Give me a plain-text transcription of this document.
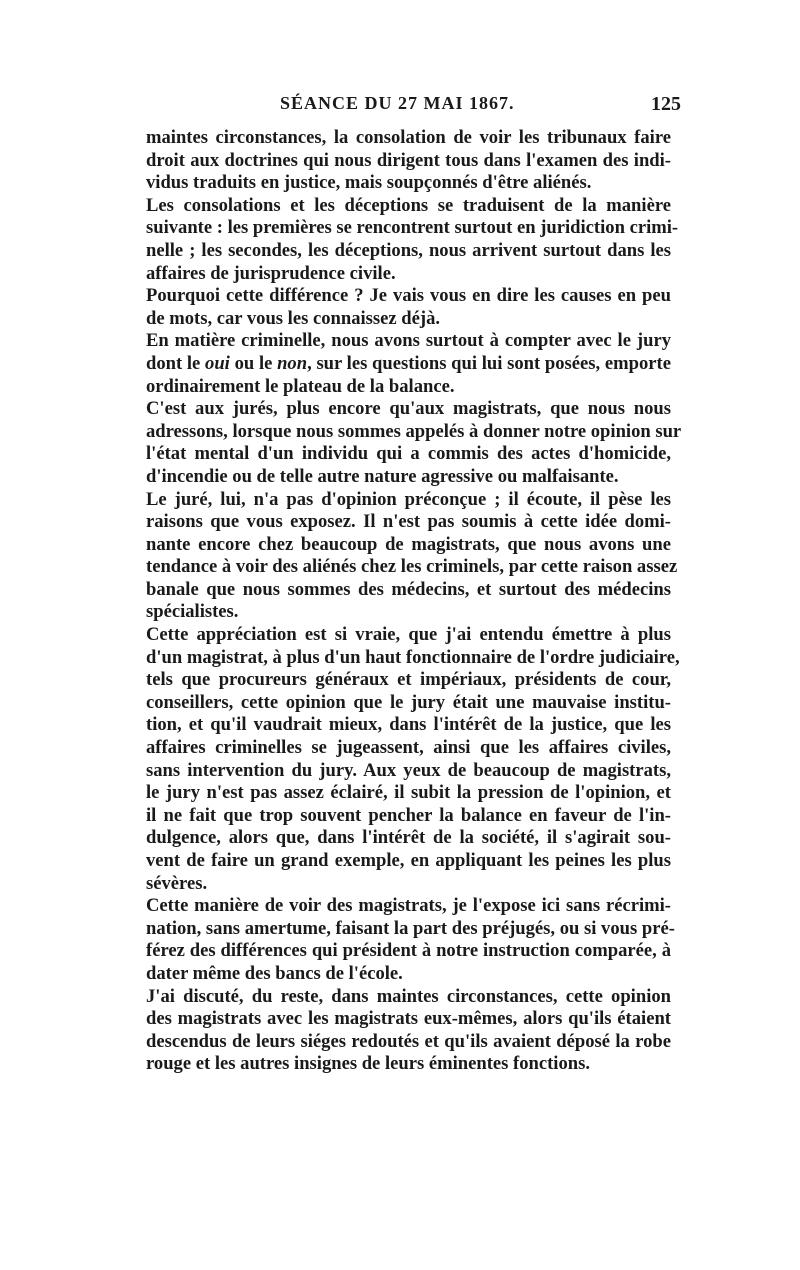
SÉANCE DU 27 MAI 1867.	125
maintes circonstances, la consolation de voir les tribunaux faire
droit aux doctrines qui nous dirigent tous dans l'examen des indi-
vidus traduits en justice, mais soupçonnés d'être aliénés.
Les consolations et les déceptions se traduisent de la manière
suivante : les premières se rencontrent surtout en juridiction crimi-
nelle ; les secondes, les déceptions, nous arrivent surtout dans les
affaires de jurisprudence civile.
Pourquoi cette différence ? Je vais vous en dire les causes en peu
de mots, car vous les connaissez déjà.
En matière criminelle, nous avons surtout à compter avec le jury
dont le oui ou le non, sur les questions qui lui sont posées, emporte
ordinairement le plateau de la balance.
C'est aux jurés, plus encore qu'aux magistrats, que nous nous
adressons, lorsque nous sommes appelés à donner notre opinion sur
l'état mental d'un individu qui a commis des actes d'homicide,
d'incendie ou de telle autre nature agressive ou malfaisante.
Le juré, lui, n'a pas d'opinion préconçue ; il écoute, il pèse les
raisons que vous exposez. Il n'est pas soumis à cette idée domi-
nante encore chez beaucoup de magistrats, que nous avons une
tendance à voir des aliénés chez les criminels, par cette raison assez
banale que nous sommes des médecins, et surtout des médecins
spécialistes.
Cette appréciation est si vraie, que j'ai entendu émettre à plus
d'un magistrat, à plus d'un haut fonctionnaire de l'ordre judiciaire,
tels que procureurs généraux et impériaux, présidents de cour,
conseillers, cette opinion que le jury était une mauvaise institu-
tion, et qu'il vaudrait mieux, dans l'intérêt de la justice, que les
affaires criminelles se jugeassent, ainsi que les affaires civiles,
sans intervention du jury. Aux yeux de beaucoup de magistrats,
le jury n'est pas assez éclairé, il subit la pression de l'opinion, et
il ne fait que trop souvent pencher la balance en faveur de l'in-
dulgence, alors que, dans l'intérêt de la société, il s'agirait sou-
vent de faire un grand exemple, en appliquant les peines les plus
sévères.
Cette manière de voir des magistrats, je l'expose ici sans récrimi-
nation, sans amertume, faisant la part des préjugés, ou si vous pré-
férez des différences qui président à notre instruction comparée, à
dater même des bancs de l'école.
J'ai discuté, du reste, dans maintes circonstances, cette opinion
des magistrats avec les magistrats eux-mêmes, alors qu'ils étaient
descendus de leurs siéges redoutés et qu'ils avaient déposé la robe
rouge et les autres insignes de leurs éminentes fonctions.
